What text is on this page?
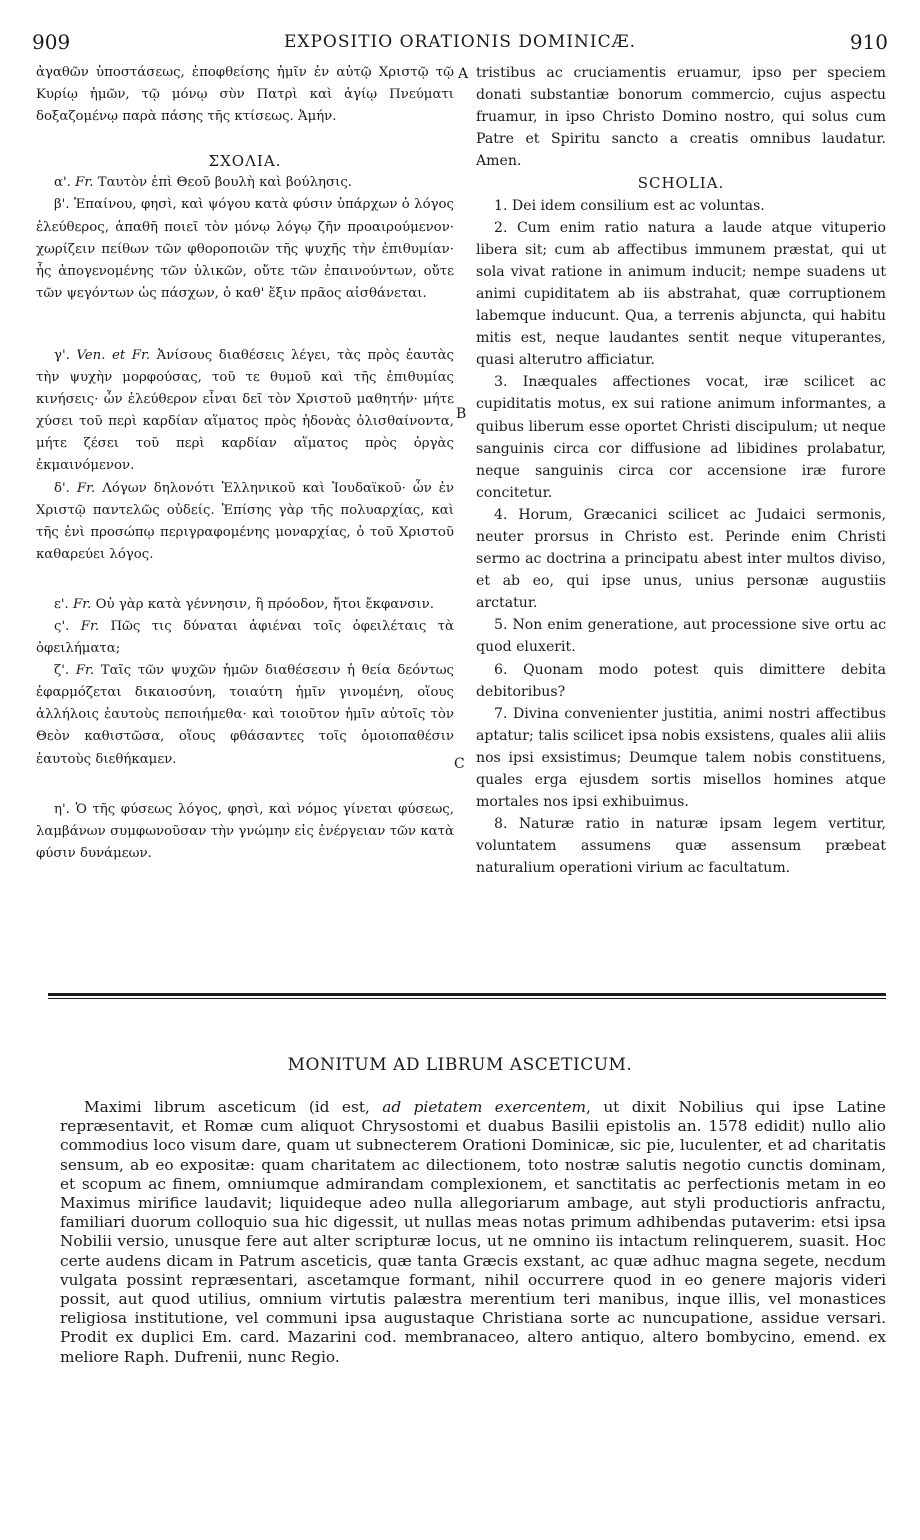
909	EXPOSITIO ORATIONIS DOMINICÆ.	910

ἀγαθῶν ὑποστάσεως, ἐποφθείσης ἡμῖν ἐν αὐτῷ Χριστῷ τῷ Κυρίῳ ἡμῶν, τῷ μόνῳ σὺν Πατρὶ καὶ ἁγίῳ Πνεύματι δοξαζομένῳ παρὰ πάσης τῆς κτίσεως. Ἀμήν.

ΣΧΟΛΙΑ.

α'. Fr. Ταυτὸν ἐπὶ Θεοῦ βουλὴ καὶ βούλησις.

β'. Ἐπαίνου, φησὶ, καὶ ψόγου κατὰ φύσιν ὑπάρχων ὁ λόγος ἐλεύθερος, ἀπαθῆ ποιεῖ τὸν μόνῳ λόγῳ ζῆν προαιρούμενον· χωρίζειν πείθων τῶν φθοροποιῶν τῆς ψυχῆς τὴν ἐπιθυμίαν· ἧς ἀπογενομένης τῶν ὑλικῶν, οὔτε τῶν ἐπαινούντων, οὔτε τῶν ψεγόντων ὡς πάσχων, ὁ καθ' ἕξιν πρᾶος αἰσθάνεται.

γ'. Ven. et Fr. Ἀνίσους διαθέσεις λέγει, τὰς πρὸς ἑαυτὰς τὴν ψυχὴν μορφούσας, τοῦ τε θυμοῦ καὶ τῆς ἐπιθυμίας κινήσεις· ὧν ἐλεύθερον εἶναι δεῖ τὸν Χριστοῦ μαθητήν· μήτε χύσει τοῦ περὶ καρδίαν αἵματος πρὸς ἡδονὰς ὀλισθαίνοντα, μήτε ζέσει τοῦ περὶ καρδίαν αἵματος πρὸς ὀργὰς ἐκμαινόμενον.

δ'. Fr. Λόγων δηλονότι Ἑλληνικοῦ καὶ Ἰουδαϊκοῦ· ὧν ἐν Χριστῷ παντελῶς οὐδείς. Ἐπίσης γὰρ τῆς πολυαρχίας, καὶ τῆς ἑνὶ προσώπῳ περιγραφομένης μοναρχίας, ὁ τοῦ Χριστοῦ καθαρεύει λόγος.

ε'. Fr. Οὐ γὰρ κατὰ γέννησιν, ἢ πρόοδον, ἤτοι ἔκφανσιν.

ς'. Fr. Πῶς τις δύναται ἀφιέναι τοῖς ὀφειλέταις τὰ ὀφειλήματα;

ζ'. Fr. Ταῖς τῶν ψυχῶν ἡμῶν διαθέσεσιν ἡ θεία δεόντως ἐφαρμόζεται δικαιοσύνη, τοιαύτη ἡμῖν γινομένη, οἵους ἀλλήλοις ἑαυτοὺς πεποιήμεθα· καὶ τοιοῦτον ἡμῖν αὐτοῖς τὸν Θεὸν καθιστῶσα, οἵους φθάσαντες τοῖς ὁμοιοπαθέσιν ἑαυτοὺς διεθήκαμεν.

η'. Ὁ τῆς φύσεως λόγος, φησὶ, καὶ νόμος γίνεται φύσεως, λαμβάνων συμφωνοῦσαν τὴν γνώμην εἰς ἐνέργειαν τῶν κατὰ φύσιν δυνάμεων.

A
B
C

tristibus ac cruciamentis eruamur, ipso per speciem donati substantiæ bonorum commercio, cujus aspectu fruamur, in ipso Christo Domino nostro, qui solus cum Patre et Spiritu sancto a creatis omnibus laudatur. Amen.

SCHOLIA.

1. Dei idem consilium est ac voluntas.

2. Cum enim ratio natura a laude atque vituperio libera sit; cum ab affectibus immunem præstat, qui ut sola vivat ratione in animum inducit; nempe suadens ut animi cupiditatem ab iis abstrahat, quæ corruptionem labemque inducunt. Qua, a terrenis abjuncta, qui habitu mitis est, neque laudantes sentit neque vituperantes, quasi alterutro afficiatur.

3. Inæquales affectiones vocat, iræ scilicet ac cupiditatis motus, ex sui ratione animum informantes, a quibus liberum esse oportet Christi discipulum; ut neque sanguinis circa cor diffusione ad libidines prolabatur, neque sanguinis circa cor accensione iræ furore concitetur.

4. Horum, Græcanici scilicet ac Judaici sermonis, neuter prorsus in Christo est. Perinde enim Christi sermo ac doctrina a principatu abest inter multos diviso, et ab eo, qui ipse unus, unius personæ augustiis arctatur.

5. Non enim generatione, aut processione sive ortu ac quod eluxerit.

6. Quonam modo potest quis dimittere debita debitoribus?

7. Divina convenienter justitia, animi nostri affectibus aptatur; talis scilicet ipsa nobis exsistens, quales alii aliis nos ipsi exsistimus; Deumque talem nobis constituens, quales erga ejusdem sortis misellos homines atque mortales nos ipsi exhibuimus.

8. Naturæ ratio in naturæ ipsam legem vertitur, voluntatem assumens quæ assensum præbeat naturalium operationi virium ac facultatum.

MONITUM AD LIBRUM ASCETICUM.

Maximi librum asceticum (id est, ad pietatem exercentem, ut dixit Nobilius qui ipse Latine repræsentavit, et Romæ cum aliquot Chrysostomi et duabus Basilii epistolis an. 1578 edidit) nullo alio commodius loco visum dare, quam ut subnecterem Orationi Dominicæ, sic pie, luculenter, et ad charitatis sensum, ab eo expositæ: quam charitatem ac dilectionem, toto nostræ salutis negotio cunctis dominam, et scopum ac finem, omniumque admirandam complexionem, et sanctitatis ac perfectionis metam in eo Maximus mirifice laudavit; liquideque adeo nulla allegoriarum ambage, aut styli productioris anfractu, familiari duorum colloquio sua hic digessit, ut nullas meas notas primum adhibendas putaverim: etsi ipsa Nobilii versio, unusque fere aut alter scripturæ locus, ut ne omnino iis intactum relinquerem, suasit. Hoc certe audens dicam in Patrum asceticis, quæ tanta Græcis exstant, ac quæ adhuc magna segete, necdum vulgata possint repræsentari, ascetamque formant, nihil occurrere quod in eo genere majoris videri possit, aut quod utilius, omnium virtutis palæstra merentium teri manibus, inque illis, vel monastices religiosa institutione, vel communi ipsa augustaque Christiana sorte ac nuncupatione, assidue versari. Prodit ex duplici Em. card. Mazarini cod. membranaceo, altero antiquo, altero bombycino, emend. ex meliore Raph. Dufrenii, nunc Regio.
